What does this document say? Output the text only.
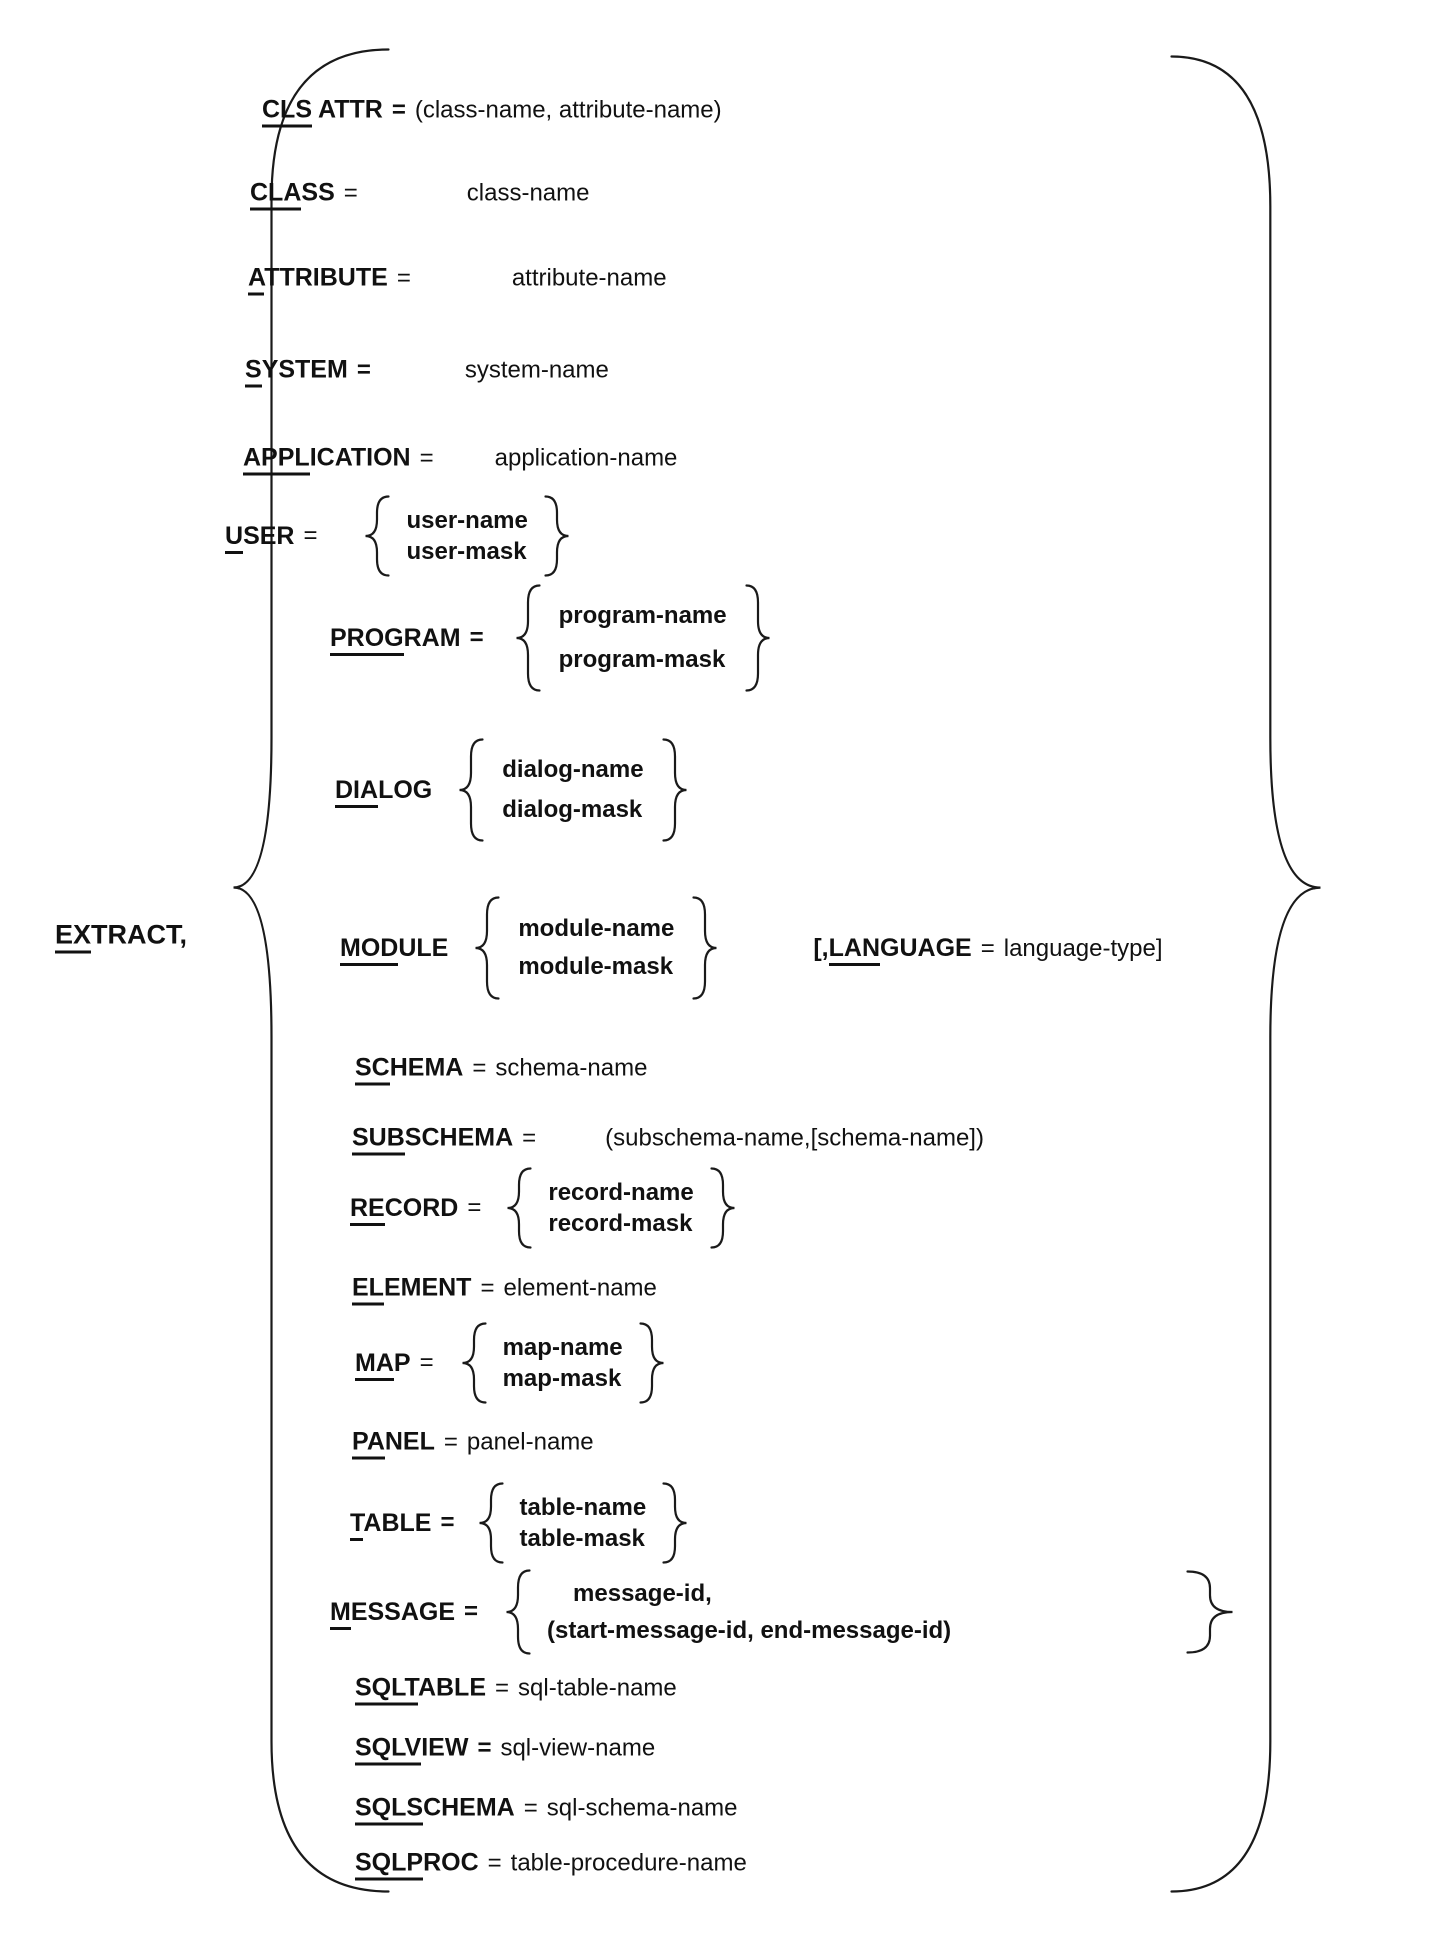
EXTRACT,
CLS ATTR = (class-name, attribute-name)
CLASS =	class-name
ATTRIBUTE =	attribute-name
SYSTEM =	system-name
APPLICATION =	application-name
USER =
user-name
user-mask
PROGRAM =
program-name
program-mask
DIALOG
dialog-name
dialog-mask
MODULE
module-name
module-mask
[,LANGUAGE = language-type]
SCHEMA = schema-name
SUBSCHEMA =	(subschema-name,[schema-name])
RECORD =
record-name
record-mask
ELEMENT = element-name
MAP =
map-name
map-mask
PANEL = panel-name
TABLE =
table-name
table-mask
MESSAGE =
message-id,
(start-message-id, end-message-id)
SQLTABLE = sql-table-name
SQLVIEW = sql-view-name
SQLSCHEMA = sql-schema-name
SQLPROC = table-procedure-name
